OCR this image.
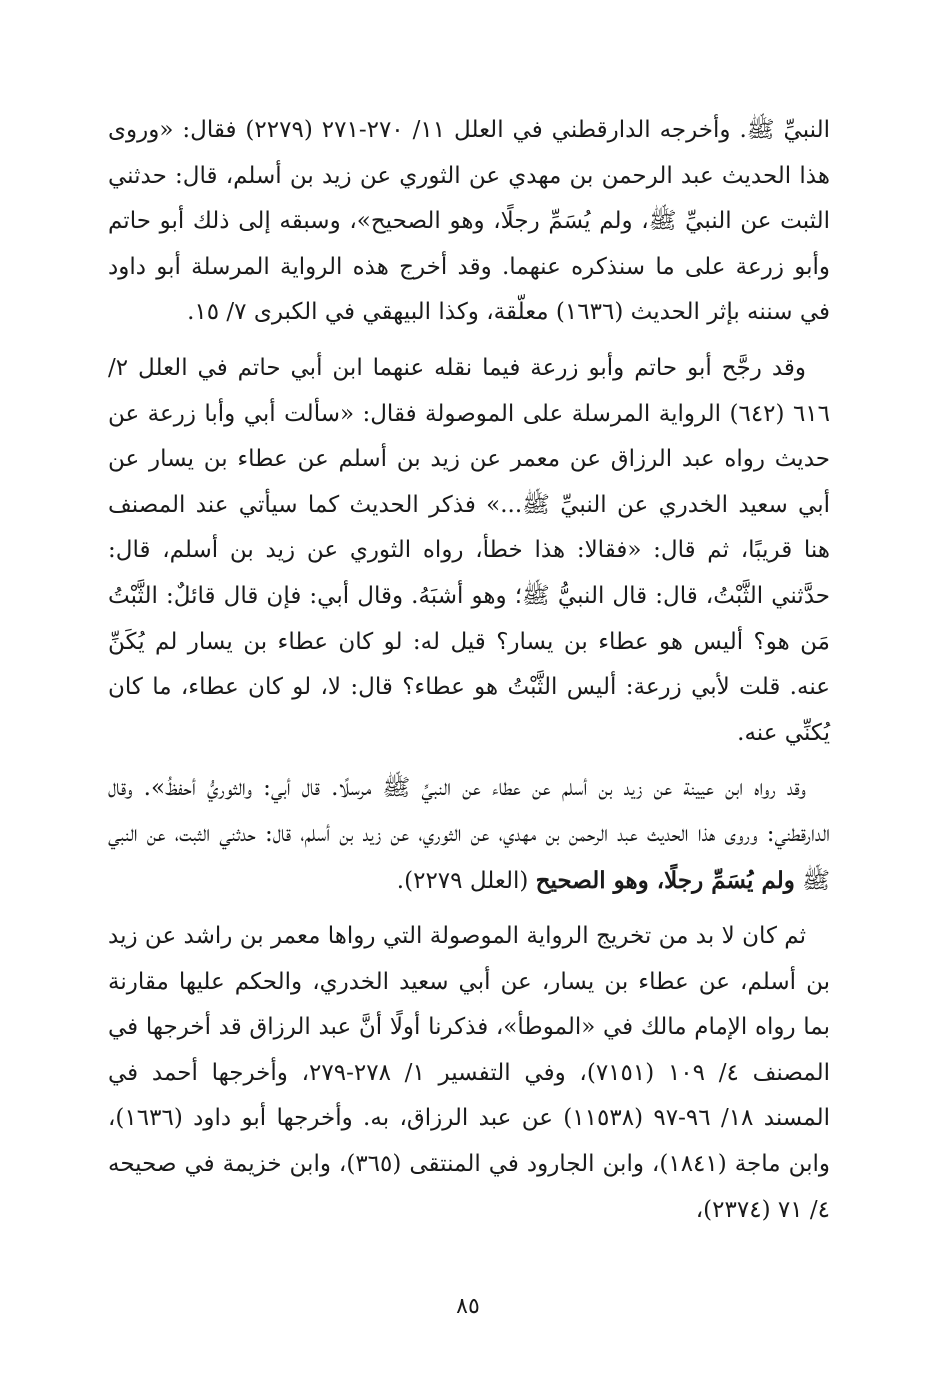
النبيِّ ﷺ. وأخرجه الدارقطني في العلل ١١/ ٢٧٠-٢٧١ (٢٢٧٩) فقال: «وروى هذا الحديث عبد الرحمن بن مهدي عن الثوري عن زيد بن أسلم، قال: حدثني الثبت عن النبيِّ ﷺ، ولم يُسَمِّ رجلًا، وهو الصحيح»، وسبقه إلى ذلك أبو حاتم وأبو زرعة على ما سنذكره عنهما. وقد أخرج هذه الرواية المرسلة أبو داود في سننه بإثر الحديث (١٦٣٦) معلّقة، وكذا البيهقي في الكبرى ٧/ ١٥.

وقد رجَّح أبو حاتم وأبو زرعة فيما نقله عنهما ابن أبي حاتم في العلل ٢/ ٦١٦ (٦٤٢) الرواية المرسلة على الموصولة فقال: «سألت أبي وأبا زرعة عن حديث رواه عبد الرزاق عن معمر عن زيد بن أسلم عن عطاء بن يسار عن أبي سعيد الخدري عن النبيِّ ﷺ...» فذكر الحديث كما سيأتي عند المصنف هنا قريبًا، ثم قال: «فقالا: هذا خطأ، رواه الثوري عن زيد بن أسلم، قال: حدَّثني الثَّبْتُ، قال: قال النبيُّ ﷺ؛ وهو أشبَهُ. وقال أبي: فإن قال قائلٌ: الثَّبْتُ مَن هو؟ أليس هو عطاء بن يسار؟ قيل له: لو كان عطاء بن يسار لم يُكَنِّ عنه. قلت لأبي زرعة: أليس الثَّبْتُ هو عطاء؟ قال: لا، لو كان عطاء، ما كان يُكنِّي عنه.

وقد رواه ابن عيينة عن زيد بن أسلم عن عطاء عن النبيِّ ﷺ مرسلًا. قال أبي: والثوريُّ أحفظُ». وقال الدارقطني: وروى هذا الحديث عبد الرحمن بن مهدي، عن الثوري، عن زيد بن أسلم، قال: حدثني الثبت، عن النبي ﷺ ولم يُسَمِّ رجلًا، وهو الصحيح (العلل ٢٢٧٩).

ثم كان لا بد من تخريج الرواية الموصولة التي رواها معمر بن راشد عن زيد بن أسلم، عن عطاء بن يسار، عن أبي سعيد الخدري، والحكم عليها مقارنة بما رواه الإمام مالك في «الموطأ»، فذكرنا أولًا أنَّ عبد الرزاق قد أخرجها في المصنف ٤/ ١٠٩ (٧١٥١)، وفي التفسير ١/ ٢٧٨-٢٧٩، وأخرجها أحمد في المسند ١٨/ ٩٦-٩٧ (١١٥٣٨) عن عبد الرزاق، به. وأخرجها أبو داود (١٦٣٦)، وابن ماجة (١٨٤١)، وابن الجارود في المنتقى (٣٦٥)، وابن خزيمة في صحيحه ٤/ ٧١ (٢٣٧٤)،

٨٥
